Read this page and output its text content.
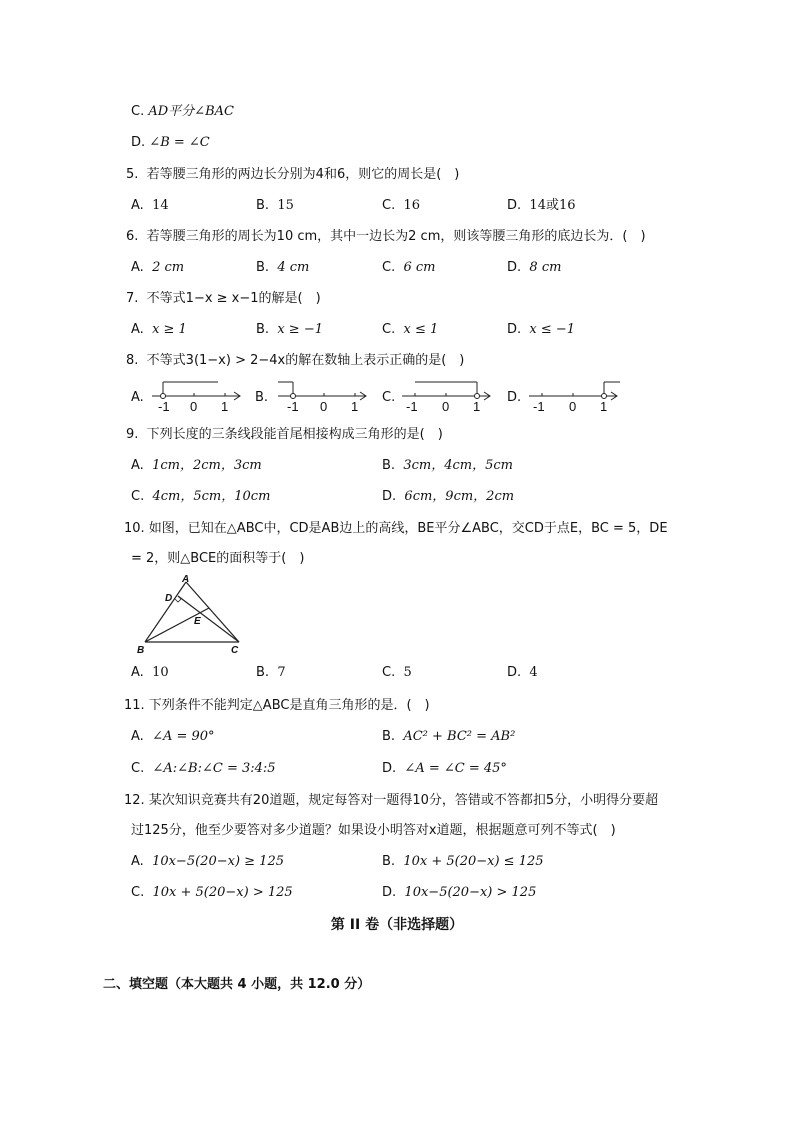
C. AD平分∠BAC
D. ∠B = ∠C
5. 若等腰三角形的两边长分别为4和6，则它的周长是(　)
A. 14	B. 15	C. 16	D. 14或16
6. 若等腰三角形的周长为10 cm，其中一边长为2 cm，则该等腰三角形的底边长为．(　)
A. 2 cm	B. 4 cm	C. 6 cm	D. 8 cm
7. 不等式1−x ≥ x−1的解是(　)
A. x ≥ 1	B. x ≥ −1	C. x ≤ 1	D. x ≤ −1
8. 不等式3(1−x) > 2−4x的解在数轴上表示正确的是(　)
A.
-1 0 1
B.
-1 0 1
C.
-1 0 1
D.
-1 0 1
9. 下列长度的三条线段能首尾相接构成三角形的是(　)
A. 1cm，2cm，3cm	B. 3cm，4cm，5cm
C. 4cm，5cm，10cm	D. 6cm，9cm，2cm
10. 如图，已知在△ABC中，CD是AB边上的高线，BE平分∠ABC，交CD于点E，BC = 5，DE
= 2，则△BCE的面积等于(　)
A
D
E
B	C
A. 10	B. 7	C. 5	D. 4
11. 下列条件不能判定△ABC是直角三角形的是．(　)
A. ∠A = 90°	B. AC² + BC² = AB²
C. ∠A:∠B:∠C = 3:4:5	D. ∠A = ∠C = 45°
12. 某次知识竞赛共有20道题，规定每答对一题得10分，答错或不答都扣5分，小明得分要超
过125分，他至少要答对多少道题？如果设小明答对x道题，根据题意可列不等式(　)
A. 10x−5(20−x) ≥ 125	B. 10x + 5(20−x) ≤ 125
C. 10x + 5(20−x) > 125	D. 10x−5(20−x) > 125
第 II 卷（非选择题）
二、填空题（本大题共 4 小题，共 12.0 分）
